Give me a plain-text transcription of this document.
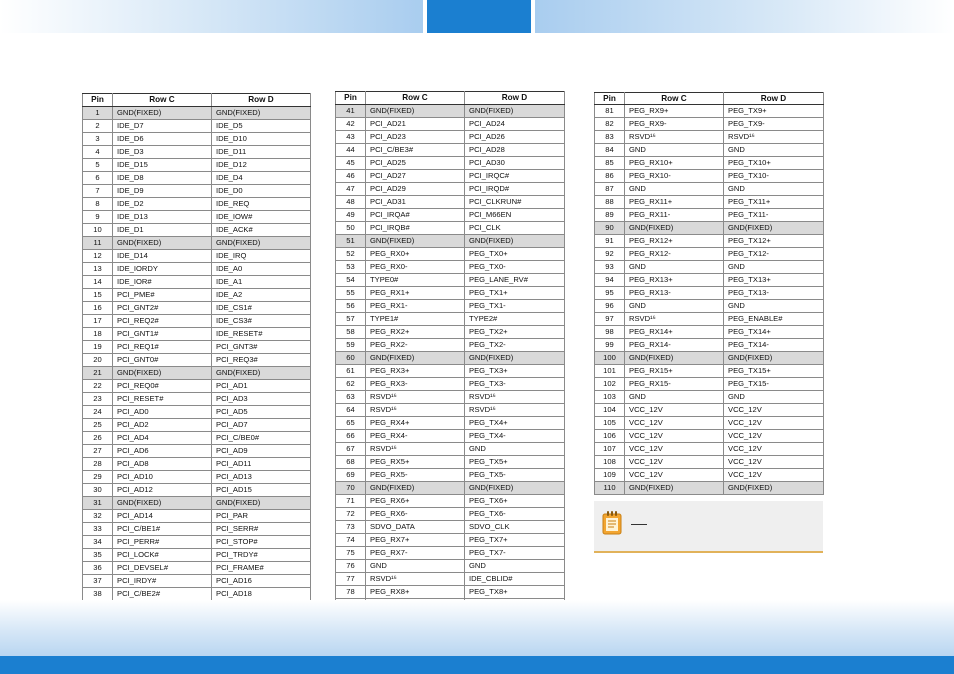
Pin	Row C	Row D
1	GND(FIXED)	GND(FIXED)
2	IDE_D7	IDE_D5
3	IDE_D6	IDE_D10
4	IDE_D3	IDE_D11
5	IDE_D15	IDE_D12
6	IDE_D8	IDE_D4
7	IDE_D9	IDE_D0
8	IDE_D2	IDE_REQ
9	IDE_D13	IDE_IOW#
10	IDE_D1	IDE_ACK#
11	GND(FIXED)	GND(FIXED)
12	IDE_D14	IDE_IRQ
13	IDE_IORDY	IDE_A0
14	IDE_IOR#	IDE_A1
15	PCI_PME#	IDE_A2
16	PCI_GNT2#	IDE_CS1#
17	PCI_REQ2#	IDE_CS3#
18	PCI_GNT1#	IDE_RESET#
19	PCI_REQ1#	PCI_GNT3#
20	PCI_GNT0#	PCI_REQ3#
21	GND(FIXED)	GND(FIXED)
22	PCI_REQ0#	PCI_AD1
23	PCI_RESET#	PCI_AD3
24	PCI_AD0	PCI_AD5
25	PCI_AD2	PCI_AD7
26	PCI_AD4	PCI_C/BE0#
27	PCI_AD6	PCI_AD9
28	PCI_AD8	PCI_AD11
29	PCI_AD10	PCI_AD13
30	PCI_AD12	PCI_AD15
31	GND(FIXED)	GND(FIXED)
32	PCI_AD14	PCI_PAR
33	PCI_C/BE1#	PCI_SERR#
34	PCI_PERR#	PCI_STOP#
35	PCI_LOCK#	PCI_TRDY#
36	PCI_DEVSEL#	PCI_FRAME#
37	PCI_IRDY#	PCI_AD16
38	PCI_C/BE2#	PCI_AD18

Pin	Row C	Row D
41	GND(FIXED)	GND(FIXED)
42	PCI_AD21	PCI_AD24
43	PCI_AD23	PCI_AD26
44	PCI_C/BE3#	PCI_AD28
45	PCI_AD25	PCI_AD30
46	PCI_AD27	PCI_IRQC#
47	PCI_AD29	PCI_IRQD#
48	PCI_AD31	PCI_CLKRUN#
49	PCI_IRQA#	PCI_M66EN
50	PCI_IRQB#	PCI_CLK
51	GND(FIXED)	GND(FIXED)
52	PEG_RX0+	PEG_TX0+
53	PEG_RX0-	PEG_TX0-
54	TYPE0#	PEG_LANE_RV#
55	PEG_RX1+	PEG_TX1+
56	PEG_RX1-	PEG_TX1-
57	TYPE1#	TYPE2#
58	PEG_RX2+	PEG_TX2+
59	PEG_RX2-	PEG_TX2-
60	GND(FIXED)	GND(FIXED)
61	PEG_RX3+	PEG_TX3+
62	PEG_RX3-	PEG_TX3-
63	RSVD¹⁶	RSVD¹⁶
64	RSVD¹⁶	RSVD¹⁶
65	PEG_RX4+	PEG_TX4+
66	PEG_RX4-	PEG_TX4-
67	RSVD¹⁶	GND
68	PEG_RX5+	PEG_TX5+
69	PEG_RX5-	PEG_TX5-
70	GND(FIXED)	GND(FIXED)
71	PEG_RX6+	PEG_TX6+
72	PEG_RX6-	PEG_TX6-
73	SDVO_DATA	SDVO_CLK
74	PEG_RX7+	PEG_TX7+
75	PEG_RX7-	PEG_TX7-
76	GND	GND
77	RSVD¹⁶	IDE_CBLID#
78	PEG_RX8+	PEG_TX8+

Pin	Row C	Row D
81	PEG_RX9+	PEG_TX9+
82	PEG_RX9-	PEG_TX9-
83	RSVD¹⁶	RSVD¹⁶
84	GND	GND
85	PEG_RX10+	PEG_TX10+
86	PEG_RX10-	PEG_TX10-
87	GND	GND
88	PEG_RX11+	PEG_TX11+
89	PEG_RX11-	PEG_TX11-
90	GND(FIXED)	GND(FIXED)
91	PEG_RX12+	PEG_TX12+
92	PEG_RX12-	PEG_TX12-
93	GND	GND
94	PEG_RX13+	PEG_TX13+
95	PEG_RX13-	PEG_TX13-
96	GND	GND
97	RSVD¹⁶	PEG_ENABLE#
98	PEG_RX14+	PEG_TX14+
99	PEG_RX14-	PEG_TX14-
100	GND(FIXED)	GND(FIXED)
101	PEG_RX15+	PEG_TX15+
102	PEG_RX15-	PEG_TX15-
103	GND	GND
104	VCC_12V	VCC_12V
105	VCC_12V	VCC_12V
106	VCC_12V	VCC_12V
107	VCC_12V	VCC_12V
108	VCC_12V	VCC_12V
109	VCC_12V	VCC_12V
110	GND(FIXED)	GND(FIXED)
